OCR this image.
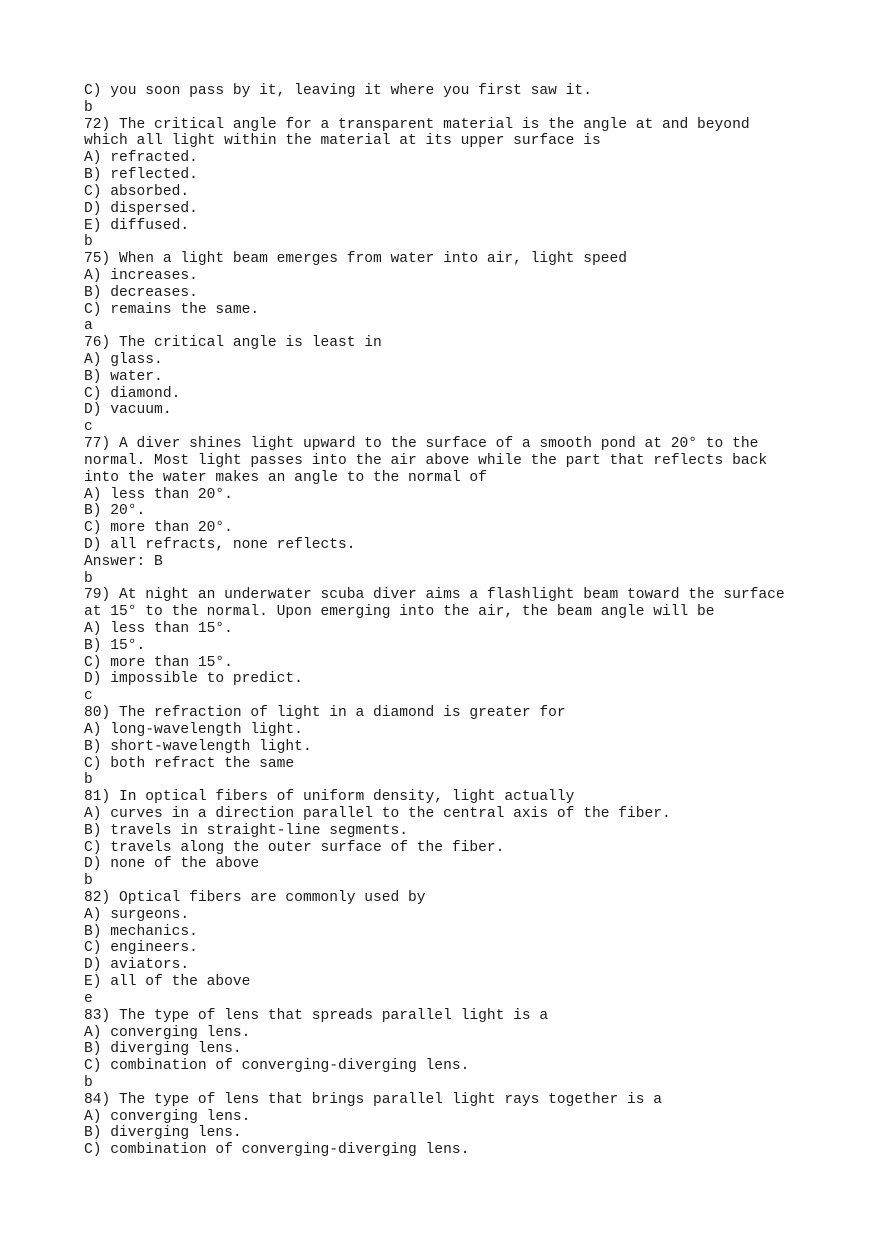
C) you soon pass by it, leaving it where you first saw it.
b
72) The critical angle for a transparent material is the angle at and beyond
which all light within the material at its upper surface is
A) refracted.
B) reflected.
C) absorbed.
D) dispersed.
E) diffused.
b
75) When a light beam emerges from water into air, light speed
A) increases.
B) decreases.
C) remains the same.
a
76) The critical angle is least in
A) glass.
B) water.
C) diamond.
D) vacuum.
c
77) A diver shines light upward to the surface of a smooth pond at 20° to the
normal. Most light passes into the air above while the part that reflects back
into the water makes an angle to the normal of
A) less than 20°.
B) 20°.
C) more than 20°.
D) all refracts, none reflects.
Answer: B
b
79) At night an underwater scuba diver aims a flashlight beam toward the surface
at 15° to the normal. Upon emerging into the air, the beam angle will be
A) less than 15°.
B) 15°.
C) more than 15°.
D) impossible to predict.
c
80) The refraction of light in a diamond is greater for
A) long-wavelength light.
B) short-wavelength light.
C) both refract the same
b
81) In optical fibers of uniform density, light actually
A) curves in a direction parallel to the central axis of the fiber.
B) travels in straight-line segments.
C) travels along the outer surface of the fiber.
D) none of the above
b
82) Optical fibers are commonly used by
A) surgeons.
B) mechanics.
C) engineers.
D) aviators.
E) all of the above
e
83) The type of lens that spreads parallel light is a
A) converging lens.
B) diverging lens.
C) combination of converging-diverging lens.
b
84) The type of lens that brings parallel light rays together is a
A) converging lens.
B) diverging lens.
C) combination of converging-diverging lens.
